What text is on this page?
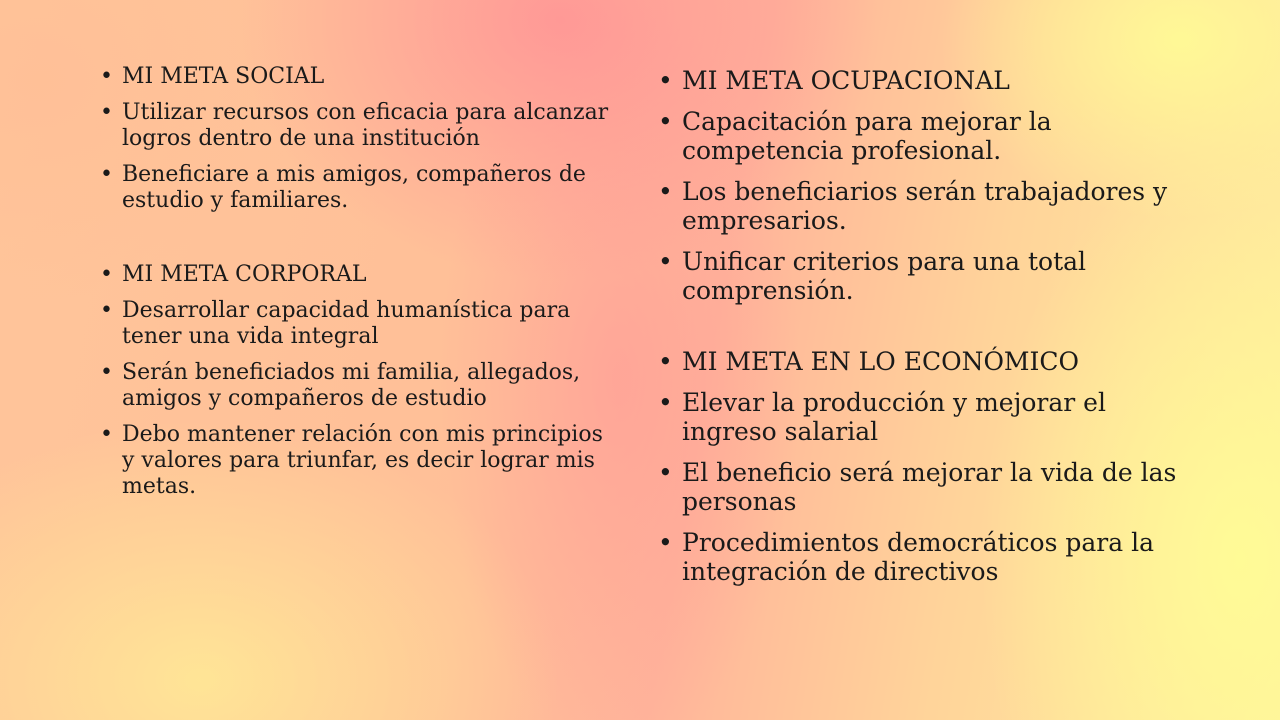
• MI META SOCIAL
• Utilizar recursos con eficacia para alcanzar logros dentro de una institución
• Beneficiare a mis amigos, compañeros de estudio y familiares.
• MI META CORPORAL
• Desarrollar capacidad humanística para tener una vida integral
• Serán beneficiados mi familia, allegados, amigos y compañeros de estudio
• Debo mantener relación con mis principios y valores para triunfar, es decir lograr mis metas.
• MI META OCUPACIONAL
• Capacitación para mejorar la competencia profesional.
• Los beneficiarios serán trabajadores y empresarios.
• Unificar criterios para una total comprensión.
• MI META EN LO ECONÓMICO
• Elevar la producción y mejorar el ingreso salarial
• El beneficio será mejorar la vida de las personas
• Procedimientos democráticos para la integración de directivos
